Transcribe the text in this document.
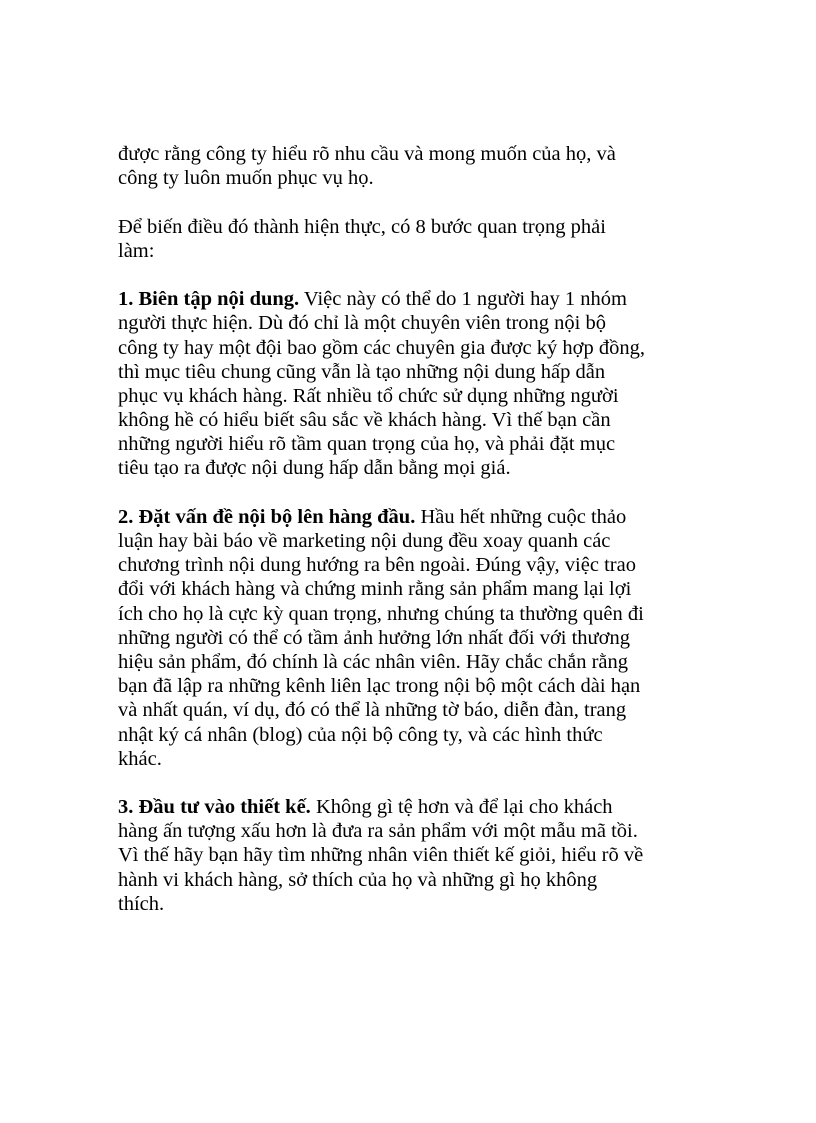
được rằng công ty hiểu rõ nhu cầu và mong muốn của họ, và
công ty luôn muốn phục vụ họ.
Để biến điều đó thành hiện thực, có 8 bước quan trọng phải
làm:
1. Biên tập nội dung. Việc này có thể do 1 người hay 1 nhóm
người thực hiện. Dù đó chỉ là một chuyên viên trong nội bộ
công ty hay một đội bao gồm các chuyên gia được ký hợp đồng,
thì mục tiêu chung cũng vẫn là tạo những nội dung hấp dẫn
phục vụ khách hàng. Rất nhiều tổ chức sử dụng những người
không hề có hiểu biết sâu sắc về khách hàng. Vì thế bạn cần
những người hiểu rõ tầm quan trọng của họ, và phải đặt mục
tiêu tạo ra được nội dung hấp dẫn bằng mọi giá.
2. Đặt vấn đề nội bộ lên hàng đầu. Hầu hết những cuộc thảo
luận hay bài báo về marketing nội dung đều xoay quanh các
chương trình nội dung hướng ra bên ngoài. Đúng vậy, việc trao
đổi với khách hàng và chứng minh rằng sản phẩm mang lại lợi
ích cho họ là cực kỳ quan trọng, nhưng chúng ta thường quên đi
những người có thể có tầm ảnh hưởng lớn nhất đối với thương
hiệu sản phẩm, đó chính là các nhân viên. Hãy chắc chắn rằng
bạn đã lập ra những kênh liên lạc trong nội bộ một cách dài hạn
và nhất quán, ví dụ, đó có thể là những tờ báo, diễn đàn, trang
nhật ký cá nhân (blog) của nội bộ công ty, và các hình thức
khác.
3. Đầu tư vào thiết kế. Không gì tệ hơn và để lại cho khách
hàng ấn tượng xấu hơn là đưa ra sản phẩm với một mẫu mã tồi.
Vì thế hãy bạn hãy tìm những nhân viên thiết kế giỏi, hiểu rõ về
hành vi khách hàng, sở thích của họ và những gì họ không
thích.
